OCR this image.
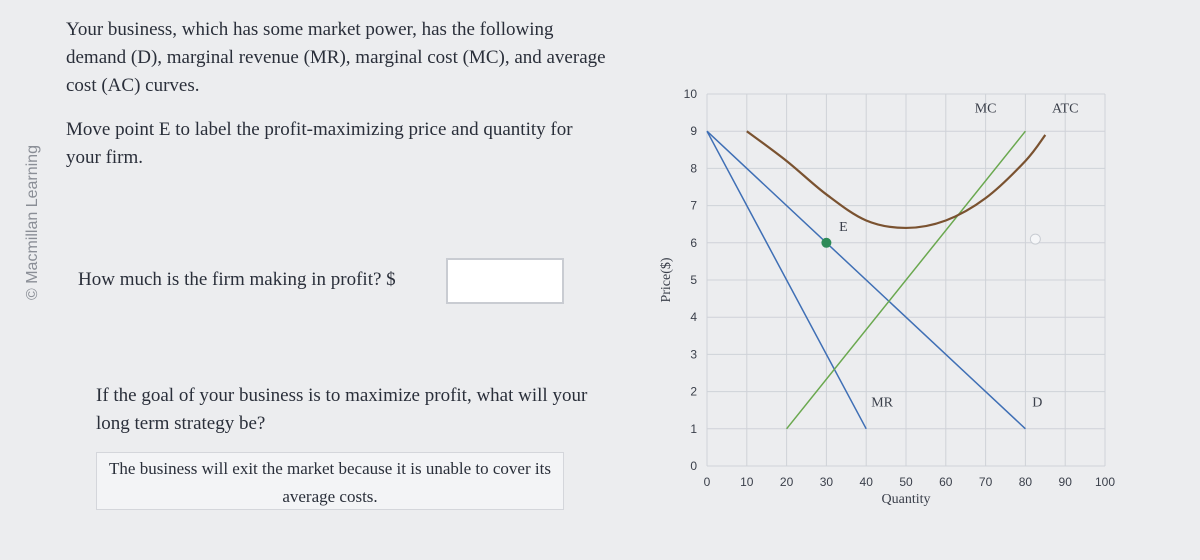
© Macmillan Learning
Your business, which has some market power, has the following demand (D), marginal revenue (MR), marginal cost (MC), and average cost (AC) curves.
Move point E to label the profit-maximizing price and quantity for your firm.
How much is the firm making in profit? $
If the goal of your business is to maximize profit, what will your long term strategy be?
The business will exit the market because it is unable to cover its average costs.
0 10 20 30 40 50 60 70 80 90 100
0
1
2
3
4
5
6
7
8
9
10
MC	ATC
MR	D
E
Price($)
Quantity
